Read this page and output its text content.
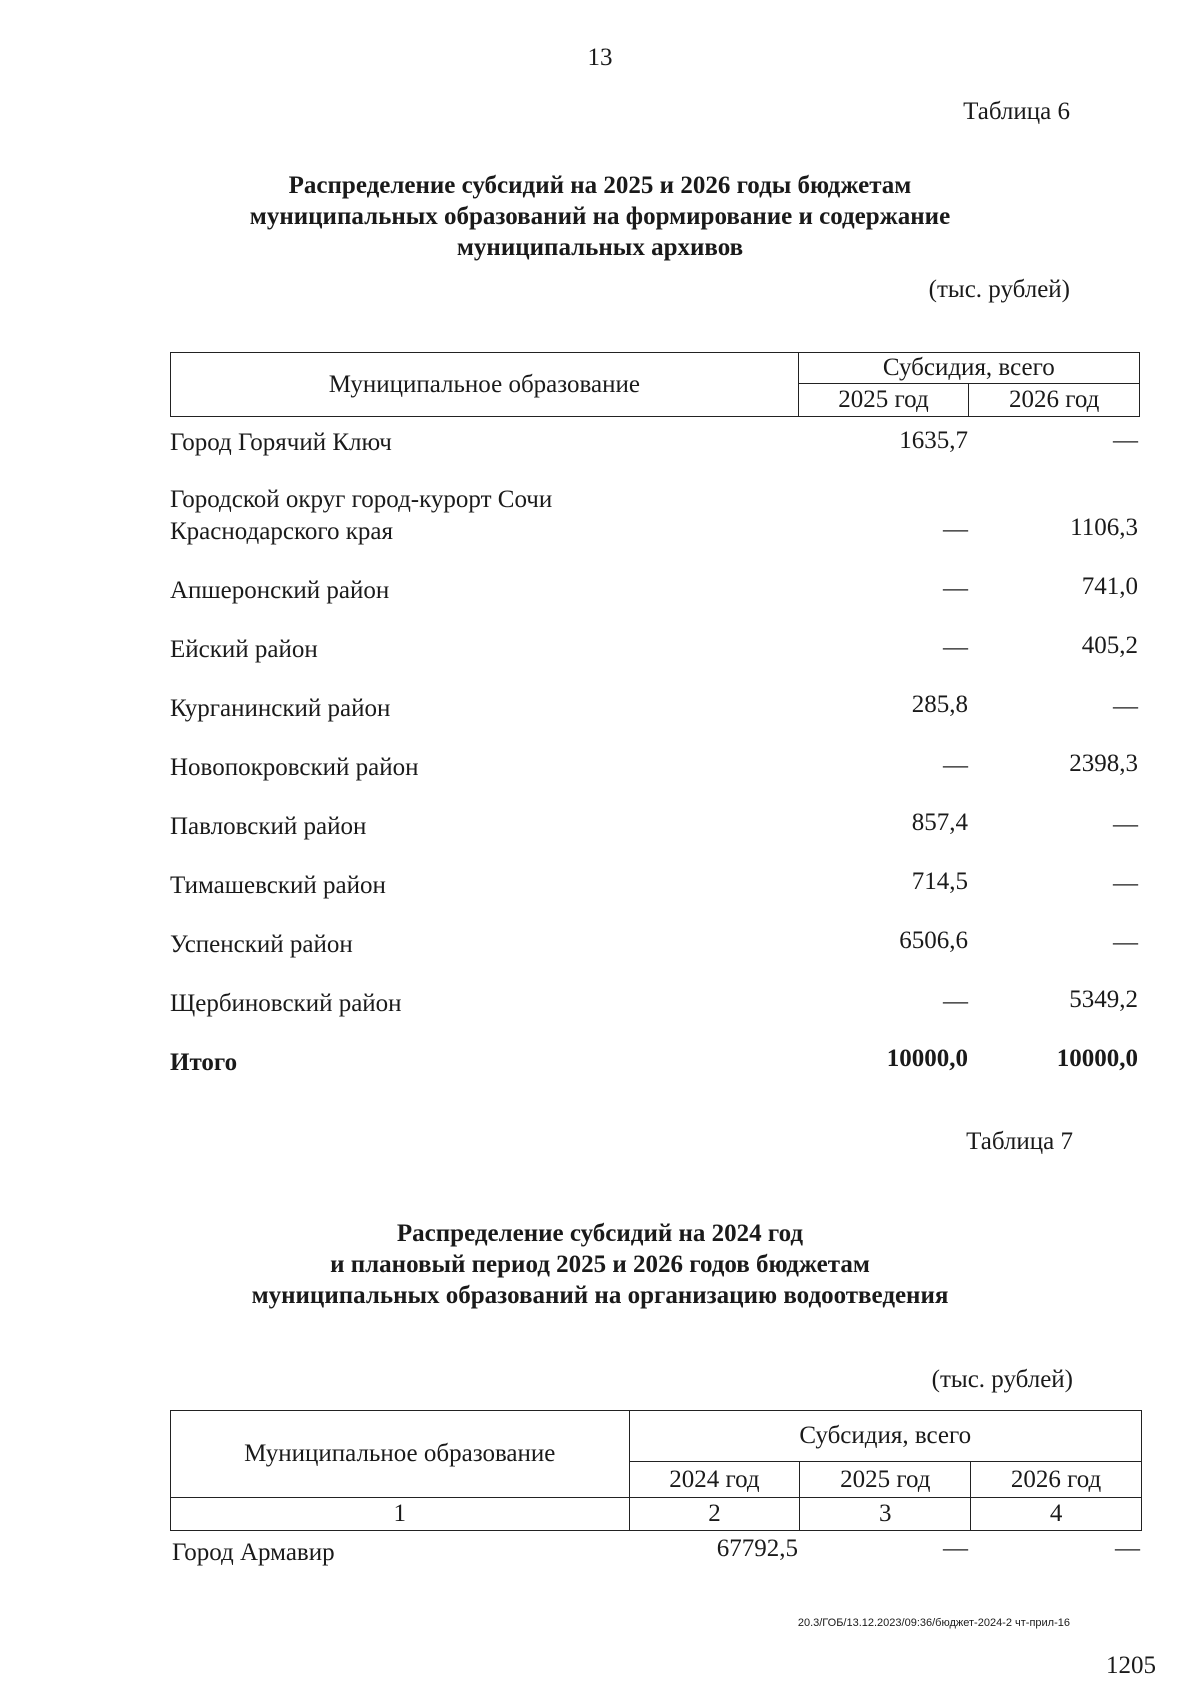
13
Таблица 6
Распределение субсидий на 2025 и 2026 годы бюджетам
муниципальных образований на формирование и содержание
муниципальных архивов
(тыс. рублей)
Муниципальное образование	Субсидия, всего	
	2025 год	2026 год
Город Горячий Ключ	1635,7	—
Городской округ город-курорт Сочи
Краснодарского края	—	1106,3
Апшеронский район	—	741,0
Ейский район	—	405,2
Курганинский район	285,8	—
Новопокровский район	—	2398,3
Павловский район	857,4	—
Тимашевский район	714,5	—
Успенский район	6506,6	—
Щербиновский район	—	5349,2
Итого	10000,0	10000,0
Таблица 7
Распределение субсидий на 2024 год
и плановый период 2025 и 2026 годов бюджетам
муниципальных образований на организацию водоотведения
(тыс. рублей)
Муниципальное образование	Субсидия, всего		
	2024 год	2025 год	2026 год
1	2	3	4
Город Армавир	67792,5	—	—
20.3/ГОБ/13.12.2023/09:36/бюджет-2024-2 чт-прил-16
1205
